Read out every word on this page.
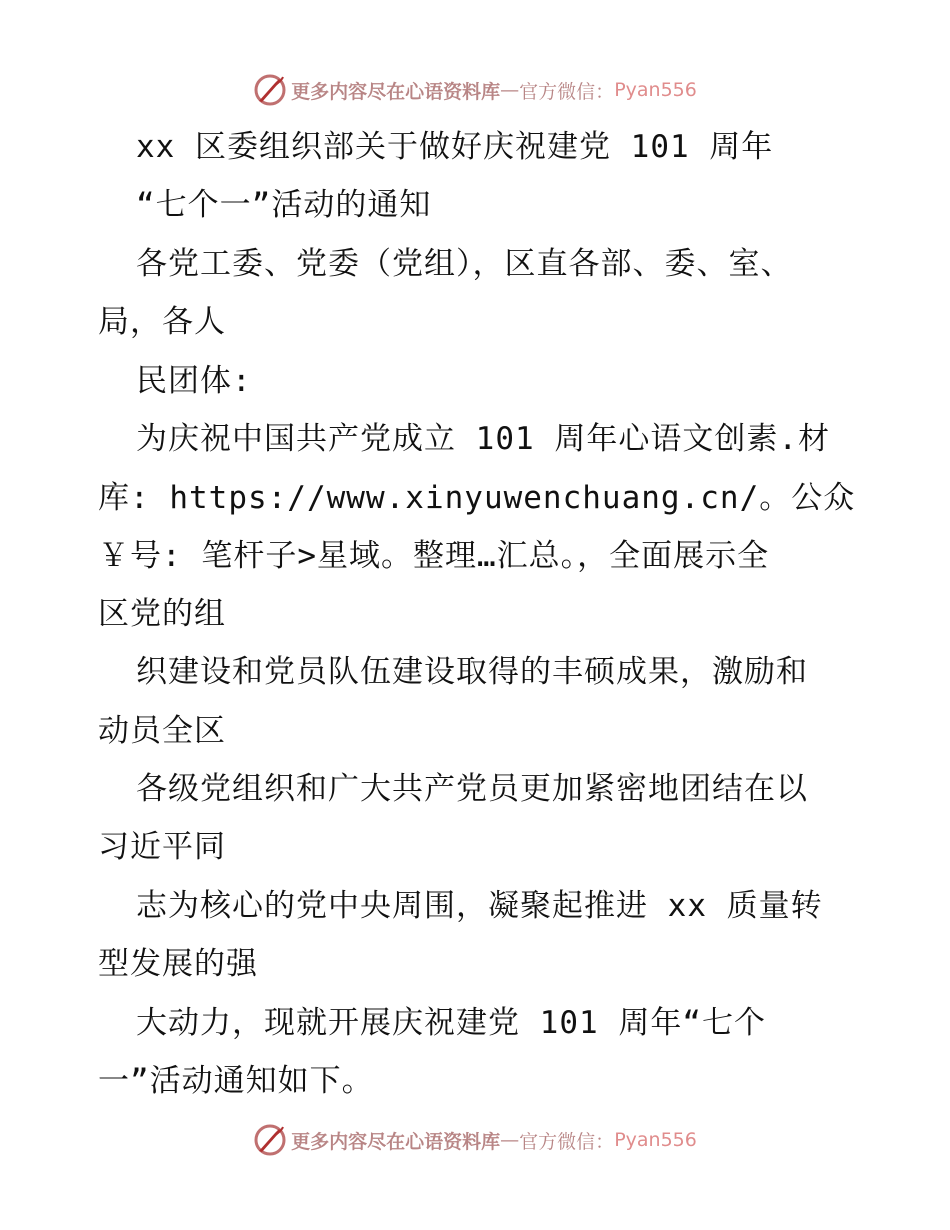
更多内容尽在心语资料库 — 官方微信： Pyan556
xx 区委组织部关于做好庆祝建党 101 周年
“七个一”活动的通知
各党工委、党委（党组），区直各部、委、室、
局，各人
民团体:
为庆祝中国共产党成立 101 周年心语文创素.材
库: https://www.xinyuwenchuang.cn/。公众
￥号: 笔杆子>星域。整理…汇总。，全面展示全
区党的组
织建设和党员队伍建设取得的丰硕成果，激励和
动员全区
各级党组织和广大共产党员更加紧密地团结在以
习近平同
志为核心的党中央周围，凝聚起推进 xx 质量转
型发展的强
大动力，现就开展庆祝建党 101 周年“七个
一”活动通知如下。
更多内容尽在心语资料库 — 官方微信： Pyan556
